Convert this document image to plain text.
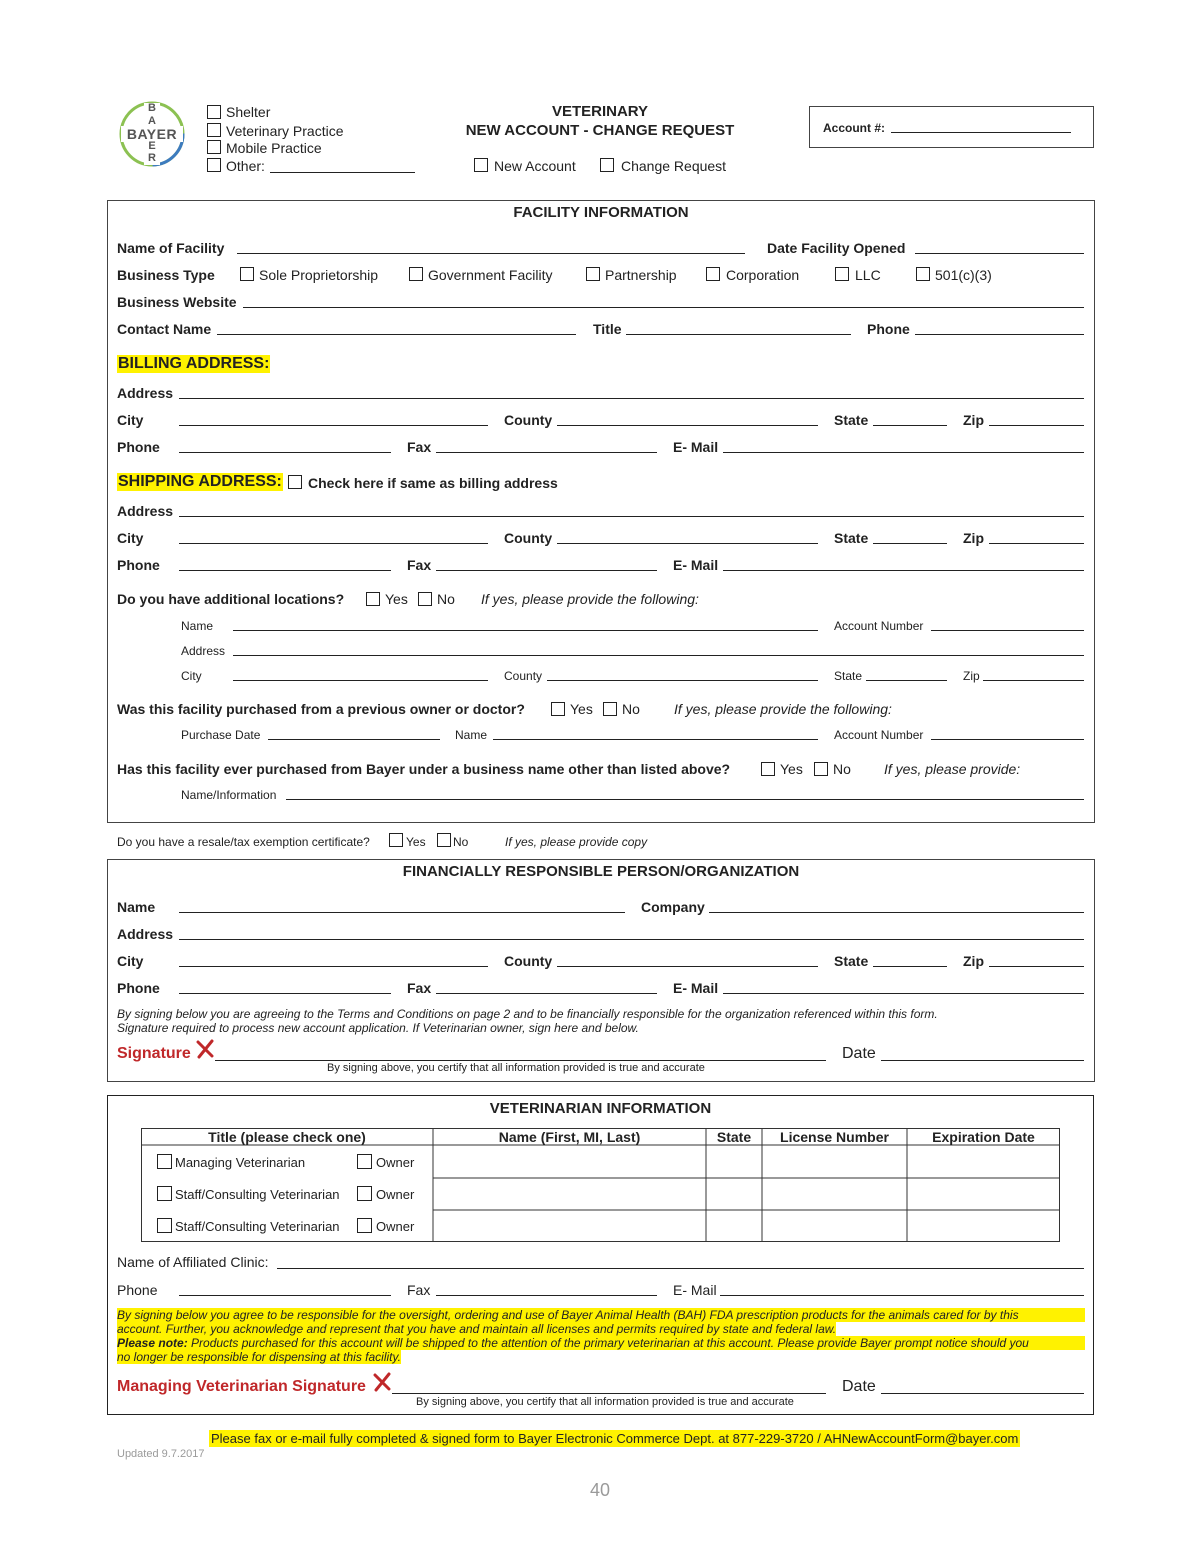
BAYER
B
A

E
R
Shelter
Veterinary Practice
Mobile Practice
Other:
VETERINARY
NEW ACCOUNT - CHANGE REQUEST
New Account	Change Request
Account #:
FACILITY INFORMATION
Name of Facility	Date Facility Opened
Business Type	Sole Proprietorship	Government Facility	Partnership	Corporation	LLC	501(c)(3)
Business Website
Contact Name	Title	Phone
BILLING ADDRESS:
Address
City	County	State	Zip
Phone	Fax	E- Mail
SHIPPING ADDRESS: Check here if same as billing address
Address
City	County	State	Zip
Phone	Fax	E- Mail
Do you have additional locations?	Yes No If yes, please provide the following:
Name	Account Number
Address
City	County	State	Zip
Was this facility purchased from a previous owner or doctor?	Yes No If yes, please provide the following:
Purchase Date	Name	Account Number
Has this facility ever purchased from Bayer under a business name other than listed above?	Yes No If yes, please provide:
Name/Information
Do you have a resale/tax exemption certificate?	Yes No	If yes, please provide copy
FINANCIALLY RESPONSIBLE PERSON/ORGANIZATION
Name	Company
Address
City	County	State	Zip
Phone	Fax	E- Mail
By signing below you are agreeing to the Terms and Conditions on page 2 and to be financially responsible for the organization referenced within this form.
Signature required to process new account application. If Veterinarian owner, sign here and below.
Signature	Date
By signing above, you certify that all information provided is true and accurate
VETERINARIAN INFORMATION
Title (please check one)	Name (First, MI, Last)	State	License Number	Expiration Date
Managing Veterinarian	Owner
Staff/Consulting Veterinarian	Owner
Staff/Consulting Veterinarian	Owner
Name of Affiliated Clinic:
Phone	Fax	E- Mail
By signing below you agree to be responsible for the oversight, ordering and use of Bayer Animal Health (BAH) FDA prescription products for the animals cared for by this
account. Further, you acknowledge and represent that you have and maintain all licenses and permits required by state and federal law.
Please note: Products purchased for this account will be shipped to the attention of the primary veterinarian at this account. Please provide Bayer prompt notice should you
no longer be responsible for dispensing at this facility.
Managing Veterinarian Signature	Date
By signing above, you certify that all information provided is true and accurate
Please fax or e-mail fully completed & signed form to Bayer Electronic Commerce Dept. at 877-229-3720 / AHNewAccountForm@bayer.com
Updated 9.7.2017
40
